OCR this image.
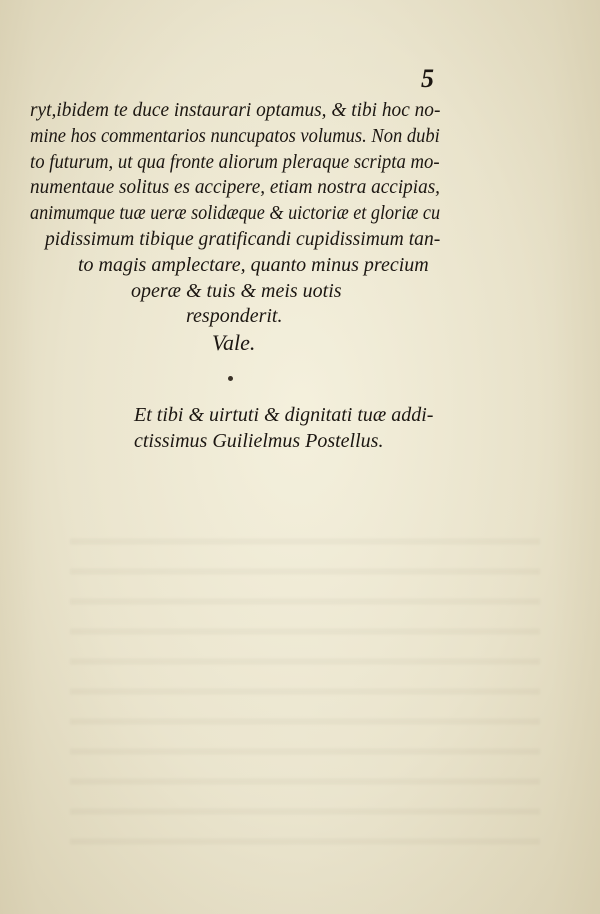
5
ryt,ibidem te duce instaurari optamus, & tibi hoc no-
mine hos commentarios nuncupatos volumus. Non dubi
to futurum, ut qua fronte aliorum pleraque scripta mo-
numentaue solitus es accipere, etiam nostra accipias,
animumque tuæ ueræ solidæque & uictoriæ et gloriæ cu
pidissimum tibique gratificandi cupidissimum tan-
to magis amplectare, quanto minus precium
operæ & tuis & meis uotis
responderit.
Vale.
Et tibi & uirtuti & dignitati tuæ addi-
ctissimus Guilielmus Postellus.
